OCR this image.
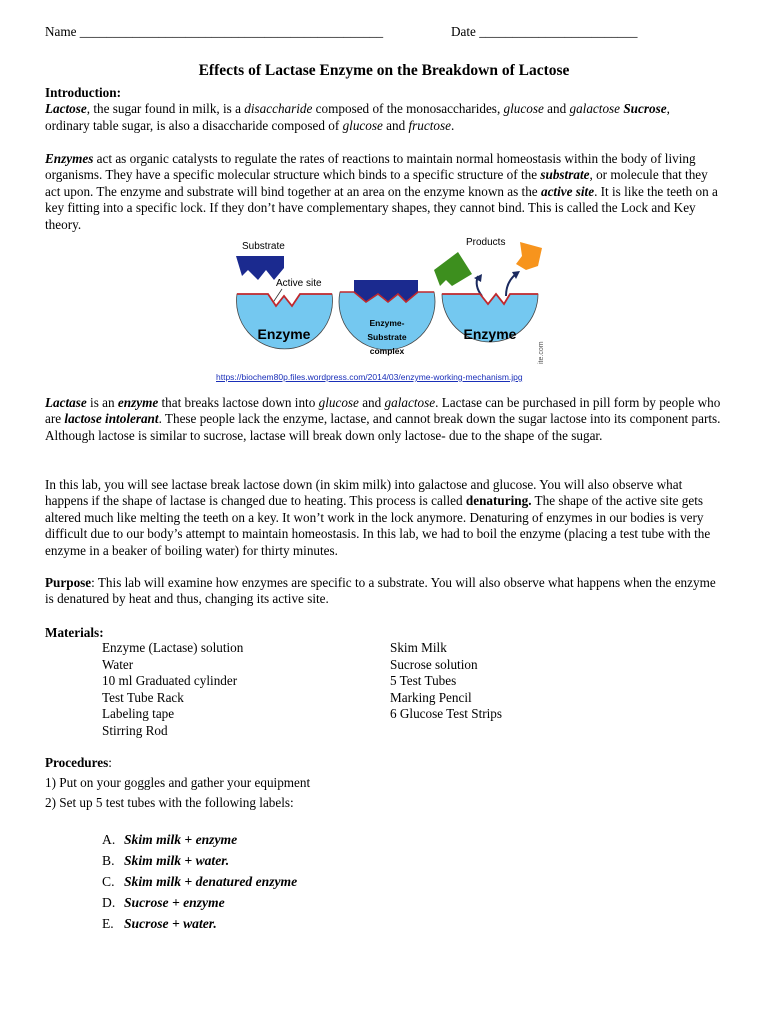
Name ______________________________________________	Date ________________________
Effects of Lactase Enzyme on the Breakdown of Lactose
Introduction:
Lactose, the sugar found in milk, is a disaccharide composed of the monosaccharides, glucose and galactose Sucrose,
ordinary table sugar, is also a disaccharide composed of glucose and fructose.
Enzymes act as organic catalysts to regulate the rates of reactions to maintain normal homeostasis within the body of living organisms. They have a specific molecular structure which binds to a specific structure of the substrate, or molecule that they act upon. The enzyme and substrate will bind together at an area on the enzyme known as the active site. It is like the teeth on a key fitting into a specific lock. If they don’t have complementary shapes, they cannot bind. This is called the Lock and Key theory.
Substrate
Active site
Enzyme
Enzyme-
Substrate
complex
Products
Enzyme
ite.com
https://biochem80p.files.wordpress.com/2014/03/enzyme-working-mechanism.jpg
Lactase is an enzyme that breaks lactose down into glucose and galactose. Lactase can be purchased in pill form by people who are lactose intolerant. These people lack the enzyme, lactase, and cannot break down the sugar lactose into its component parts. Although lactose is similar to sucrose, lactase will break down only lactose- due to the shape of the sugar.
In this lab, you will see lactase break lactose down (in skim milk) into galactose and glucose. You will also observe what happens if the shape of lactase is changed due to heating. This process is called denaturing. The shape of the active site gets altered much like melting the teeth on a key. It won’t work in the lock anymore. Denaturing of enzymes in our bodies is very difficult due to our body’s attempt to maintain homeostasis. In this lab, we had to boil the enzyme (placing a test tube with the enzyme in a beaker of boiling water) for thirty minutes.
Purpose: This lab will examine how enzymes are specific to a substrate. You will also observe what happens when the enzyme is denatured by heat and thus, changing its active site.
Materials:
Enzyme (Lactase) solution
Water
10 ml Graduated cylinder
Test Tube Rack
Labeling tape
Stirring Rod
Skim Milk
Sucrose solution
5 Test Tubes
Marking Pencil
6 Glucose Test Strips
Procedures:
1) Put on your goggles and gather your equipment
2) Set up 5 test tubes with the following labels:
A. Skim milk + enzyme
B. Skim milk + water.
C. Skim milk + denatured enzyme
D. Sucrose + enzyme
E. Sucrose + water.
